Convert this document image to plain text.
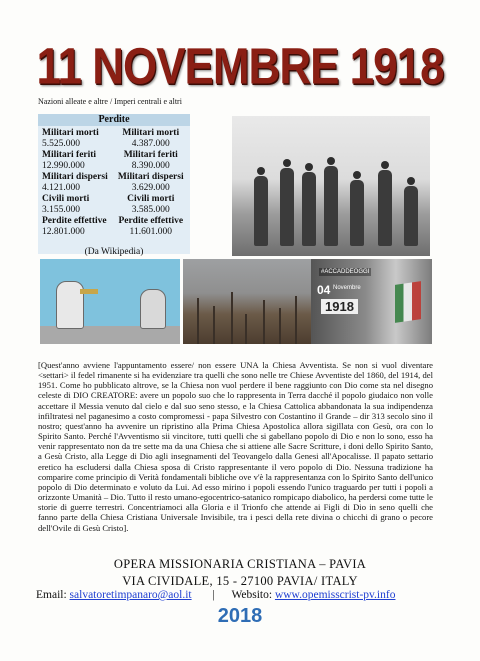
11 NOVEMBRE 1918
Nazioni alleate e altre / Imperi centrali e altri
Perdite
Militari morti
5.525.000
Militari feriti
12.990.000
Militari dispersi
4.121.000
Civili morti
3.155.000
Perdite effettive
12.801.000
Militari morti
4.387.000
Militari feriti
8.390.000
Militari dispersi
3.629.000
Civili morti
3.585.000
Perdite effettive
11.601.000
(Da Wikipedia)
#ACCADDEOGGI
04 Novembre
1918
[Quest'anno avviene l'appuntamento essere/ non essere UNA la Chiesa Avventista. Se non si vuol diventare <settari> il fedel rimanente si ha evidenziare tra quelli che sono nelle tre Chiese Avventiste del 1860, del 1914, del 1951. Come ho pubblicato altrove, se la Chiesa non vuol perdere il bene raggiunto con Dio come sta nel disegno celeste di DIO CREATORE: avere un popolo suo che lo rappresenta in Terra dacché il popolo giudaico non volle accettare il Messia venuto dal cielo e dal suo seno stesso, e la Chiesa Cattolica abbandonata la sua indipendenza infiltratesi nel paganesimo a costo compromessi - papa Silvestro con Costantino il Grande – dir 313 secolo sino il nostro; quest'anno ha avvenire un ripristino alla Prima Chiesa Apostolica allora sigillata con Gesù, ora con lo Spirito Santo. Perché l'Avventismo sii vincitore, tutti quelli che si gabellano popolo di Dio e non lo sono, esso ha venir rappresentato non da tre sette ma da una Chiesa che si attiene alle Sacre Scritture, i doni dello Spirito Santo, a Gesù Cristo, alla Legge di Dio agli insegnamenti del Teovangelo dalla Genesi all'Apocalisse. Il papato settario eretico ha escludersi dalla Chiesa sposa di Cristo rappresentante il vero popolo di Dio. Nessuna tradizione ha comparire come principio di Verità fondamentali bibliche ove v'è la rappresentanza con lo Spirito Santo dell'unico popolo di Dio determinato e voluto da Lui. Ad esso mirino i popoli essendo l'unico traguardo per tutti i popoli a orizzonte Umanità – Dio. Tutto il resto umano-egocentrico-satanico rompicapo diabolico, ha perdersi come tutte le storie di guerre terrestri. Concentriamoci alla Gloria e il Trionfo che attende ai Figli di Dio in seno quelli che fanno parte della Chiesa Cristiana Universale Invisibile, tra i pesci della rete divina o chicchi di grano o pecore dell'Ovile di Gesù Cristo].
OPERA MISSIONARIA CRISTIANA – PAVIA
VIA CIVIDALE, 15 - 27100 PAVIA/ ITALY
Email: salvatoretimpanaro@aol.it | Websito: www.opemisscrist-pv.info
2018
